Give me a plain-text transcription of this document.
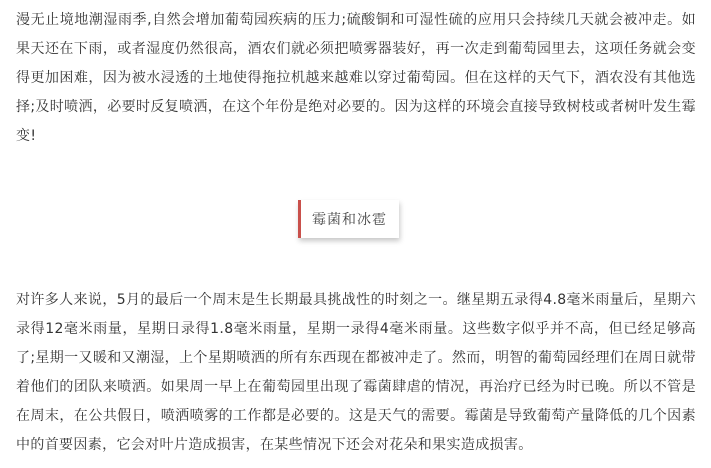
漫无止境地潮湿雨季,自然会增加葡萄园疾病的压力;硫酸铜和可湿性硫的应用只会持续几天就会被冲走。如果天还在下雨，或者湿度仍然很高，酒农们就必须把喷雾器装好，再一次走到葡萄园里去，这项任务就会变得更加困难，因为被水浸透的土地使得拖拉机越来越难以穿过葡萄园。但在这样的天气下，酒农没有其他选择;及时喷洒，必要时反复喷洒，在这个年份是绝对必要的。因为这样的环境会直接导致树枝或者树叶发生霉变!

霉菌和冰雹

对许多人来说，5月的最后一个周末是生长期最具挑战性的时刻之一。继星期五录得4.8毫米雨量后，星期六录得12毫米雨量，星期日录得1.8毫米雨量，星期一录得4毫米雨量。这些数字似乎并不高，但已经足够高了;星期一又暖和又潮湿，上个星期喷洒的所有东西现在都被冲走了。然而，明智的葡萄园经理们在周日就带着他们的团队来喷洒。如果周一早上在葡萄园里出现了霉菌肆虐的情况，再治疗已经为时已晚。所以不管是在周末，在公共假日，喷洒喷雾的工作都是必要的。这是天气的需要。霉菌是导致葡萄产量降低的几个因素中的首要因素，它会对叶片造成损害，在某些情况下还会对花朵和果实造成损害。
